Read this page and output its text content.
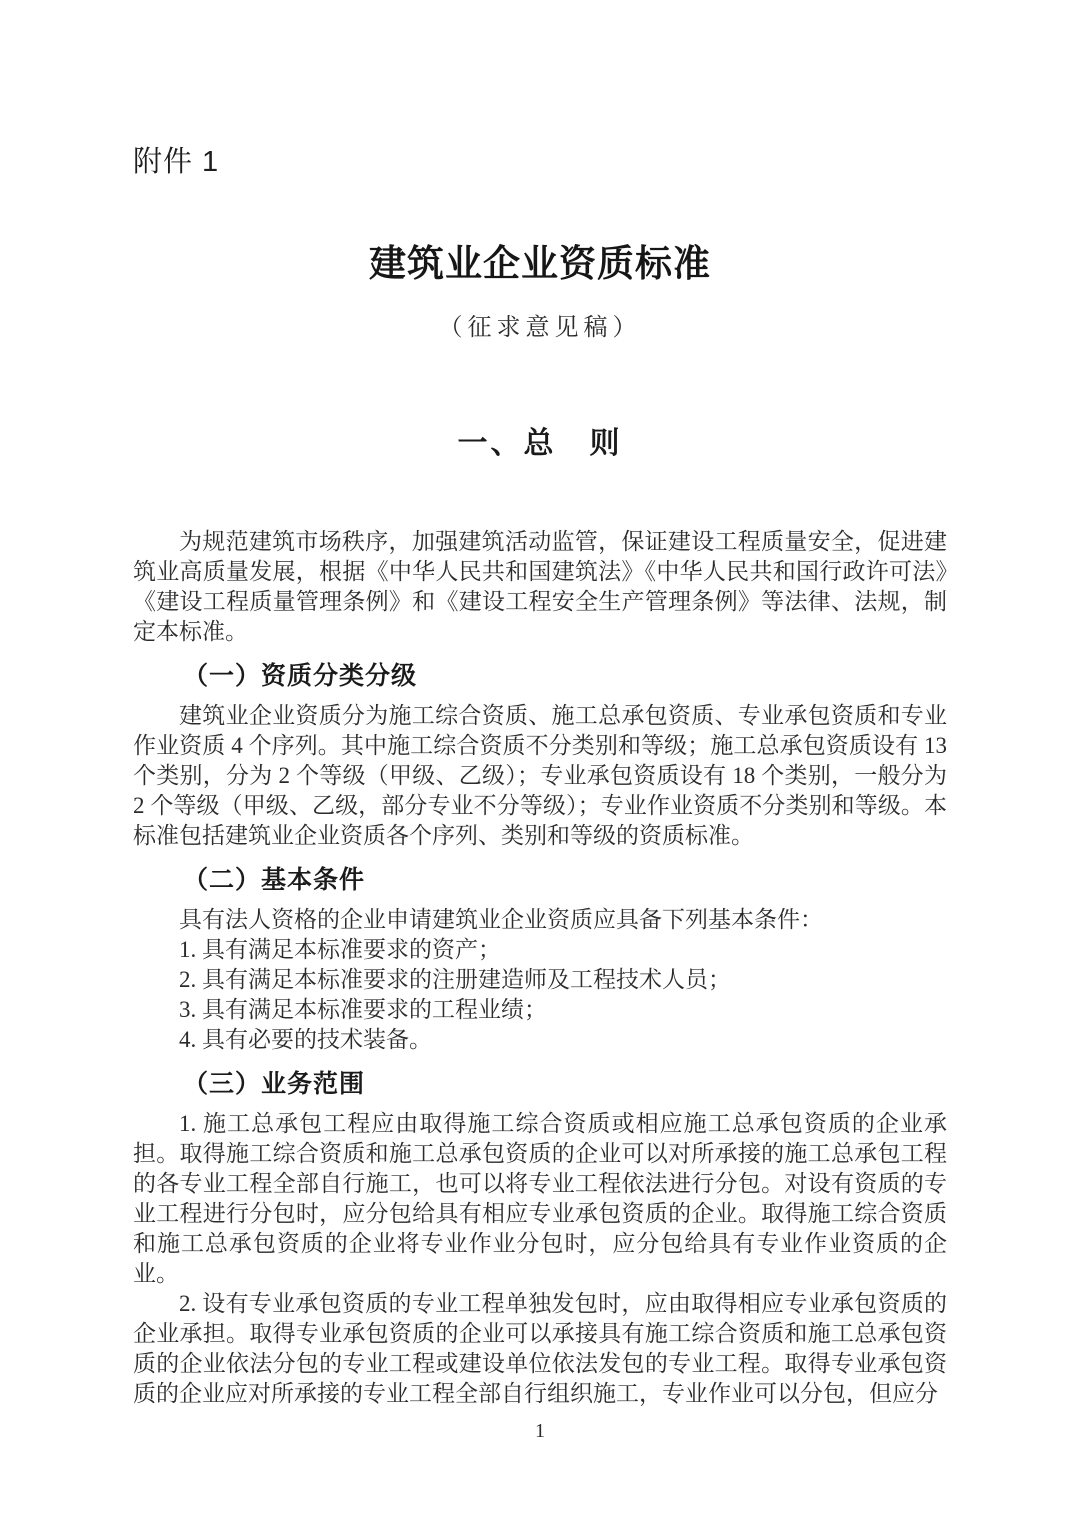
附件 1
建筑业企业资质标准
（征求意见稿）
一、总　则

为规范建筑市场秩序，加强建筑活动监管，保证建设工程质量安全，促进建筑业高质量发展，根据《中华人民共和国建筑法》《中华人民共和国行政许可法》《建设工程质量管理条例》和《建设工程安全生产管理条例》等法律、法规，制定本标准。

（一）资质分类分级

建筑业企业资质分为施工综合资质、施工总承包资质、专业承包资质和专业作业资质 4 个序列。其中施工综合资质不分类别和等级；施工总承包资质设有 13 个类别，分为 2 个等级（甲级、乙级）；专业承包资质设有 18 个类别，一般分为 2 个等级（甲级、乙级，部分专业不分等级）；专业作业资质不分类别和等级。本标准包括建筑业企业资质各个序列、类别和等级的资质标准。

（二）基本条件

具有法人资格的企业申请建筑业企业资质应具备下列基本条件：

1. 具有满足本标准要求的资产；

2. 具有满足本标准要求的注册建造师及工程技术人员；

3. 具有满足本标准要求的工程业绩；

4. 具有必要的技术装备。

（三）业务范围

1. 施工总承包工程应由取得施工综合资质或相应施工总承包资质的企业承担。取得施工综合资质和施工总承包资质的企业可以对所承接的施工总承包工程的各专业工程全部自行施工，也可以将专业工程依法进行分包。对设有资质的专业工程进行分包时，应分包给具有相应专业承包资质的企业。取得施工综合资质和施工总承包资质的企业将专业作业分包时，应分包给具有专业作业资质的企业。

2. 设有专业承包资质的专业工程单独发包时，应由取得相应专业承包资质的企业承担。取得专业承包资质的企业可以承接具有施工综合资质和施工总承包资质的企业依法分包的专业工程或建设单位依法发包的专业工程。取得专业承包资质的企业应对所承接的专业工程全部自行组织施工，专业作业可以分包，但应分

1
